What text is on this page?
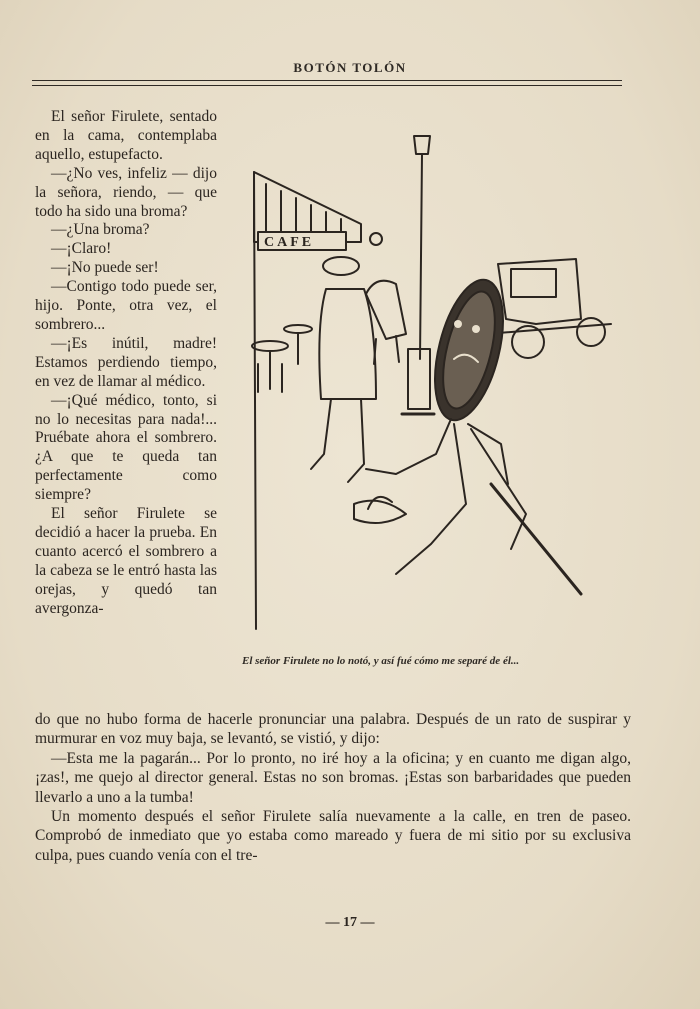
BOTÓN TOLÓN

El señor Firulete, sentado en la cama, contemplaba aquello, estupefacto.

—¿No ves, infeliz — dijo la señora, riendo, — que todo ha sido una broma?

—¿Una broma?

—¡Claro!

—¡No puede ser!

—Contigo todo puede ser, hijo. Ponte, otra vez, el sombrero...

—¡Es inútil, madre! Estamos perdiendo tiempo, en vez de llamar al médico.

—¡Qué médico, tonto, si no lo necesitas para nada!... Pruébate ahora el sombrero. ¿A que te queda tan perfectamente como siempre?

El señor Firulete se decidió a hacer la prueba. En cuanto acercó el sombrero a la cabeza se le entró hasta las orejas, y quedó tan avergonza-

CAFE
El señor Firulete no lo notó, y así fué cómo me separé de él...

do que no hubo forma de hacerle pronunciar una palabra. Después de un rato de suspirar y murmurar en voz muy baja, se levantó, se vistió, y dijo:

—Esta me la pagarán... Por lo pronto, no iré hoy a la oficina; y en cuanto me digan algo, ¡zas!, me quejo al director general. Estas no son bromas. ¡Estas son barbaridades que pueden llevarlo a uno a la tumba!

Un momento después el señor Firulete salía nuevamente a la calle, en tren de paseo. Comprobó de inmediato que yo estaba como mareado y fuera de mi sitio por su exclusiva culpa, pues cuando venía con el tre-

— 17 —
